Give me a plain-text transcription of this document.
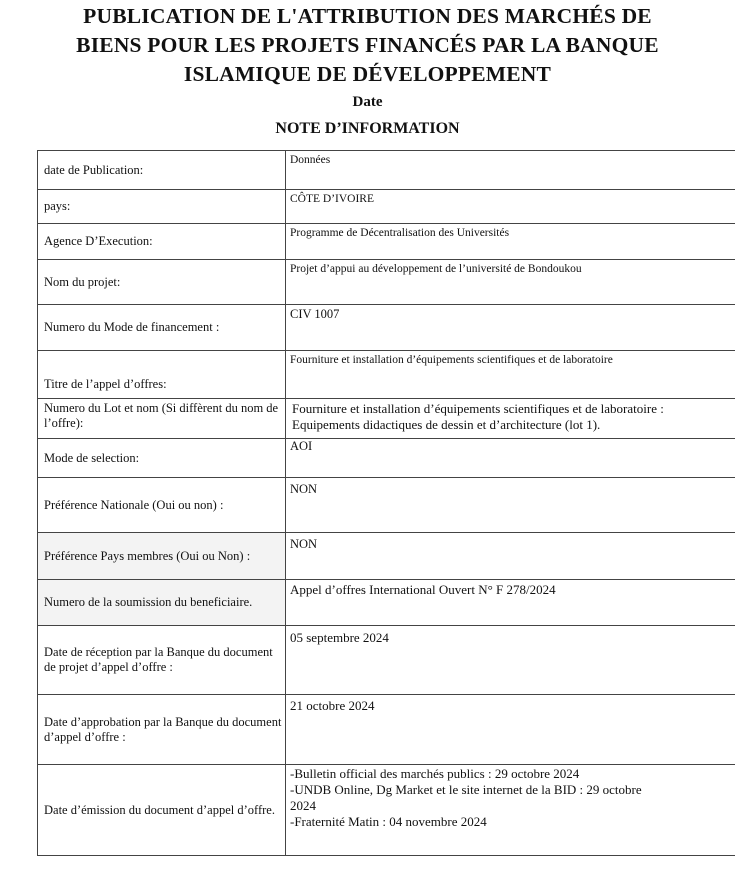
PUBLICATION DE L'ATTRIBUTION DES MARCHÉS DE
BIENS POUR LES PROJETS FINANCÉS PAR LA BANQUE
ISLAMIQUE DE DÉVELOPPEMENT
Date
NOTE D’INFORMATION
date de Publication:	Données

pays:	CÔTE D’IVOIRE

Agence D’Execution:	Programme de Décentralisation des Universités

Nom du projet:	Projet d’appui au développement de l’université de Bondoukou

Numero du Mode de financement :	CIV 1007

Titre de l’appel d’offres:	Fourniture et installation d’équipements scientifiques et de laboratoire

Numero du Lot et nom (Si diffèrent du nom de l’offre):	Fourniture et installation d’équipements scientifiques et de laboratoire :
Equipements didactiques de dessin et d’architecture (lot 1).

Mode de selection:	AOI

Préférence Nationale (Oui ou non) :	NON

Préférence Pays membres (Oui ou Non) :	NON

Numero de la soumission du beneficiaire.	Appel d’offres International Ouvert N° F 278/2024

Date de réception par la Banque du document de projet d’appel d’offre :	05 septembre 2024

Date d’approbation par la Banque du document d’appel d’offre :	21 octobre 2024

Date d’émission du document d’appel d’offre.	-Bulletin official des marchés publics : 29 octobre 2024
-UNDB Online, Dg Market et le site internet de la BID : 29 octobre
2024
-Fraternité Matin : 04 novembre 2024
